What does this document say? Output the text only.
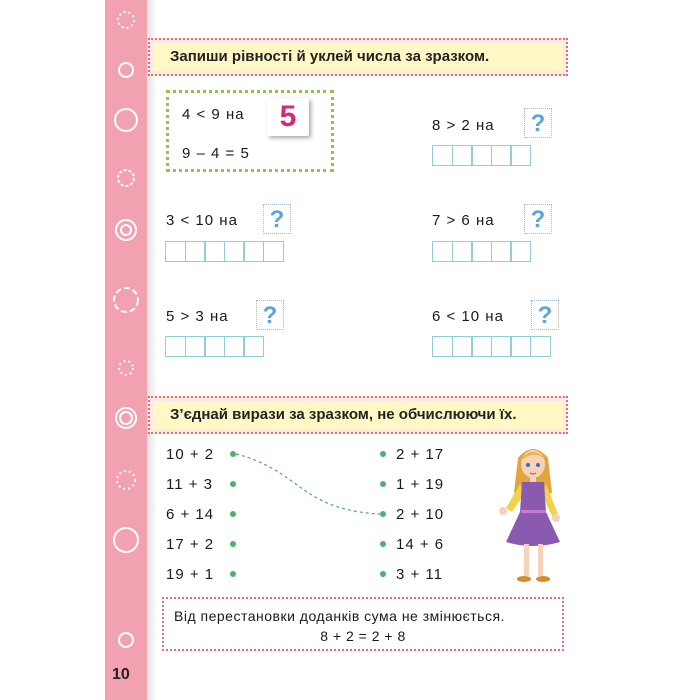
10
Запиши рівності й уклей числа за зразком.
4 < 9 на	5
9 – 4 = 5
8 > 2 на ?
3 < 10 на ?	7 > 6 на ?
5 > 3 на ?	6 < 10 на ?
З’єднай вирази за зразком, не обчислюючи їх.
10 + 2
11 + 3
6 + 14
17 + 2
19 + 1
2 + 17
1 + 19
2 + 10
14 + 6
3 + 11
Від перестановки доданків сума не змінюється.
8 + 2 = 2 + 8
